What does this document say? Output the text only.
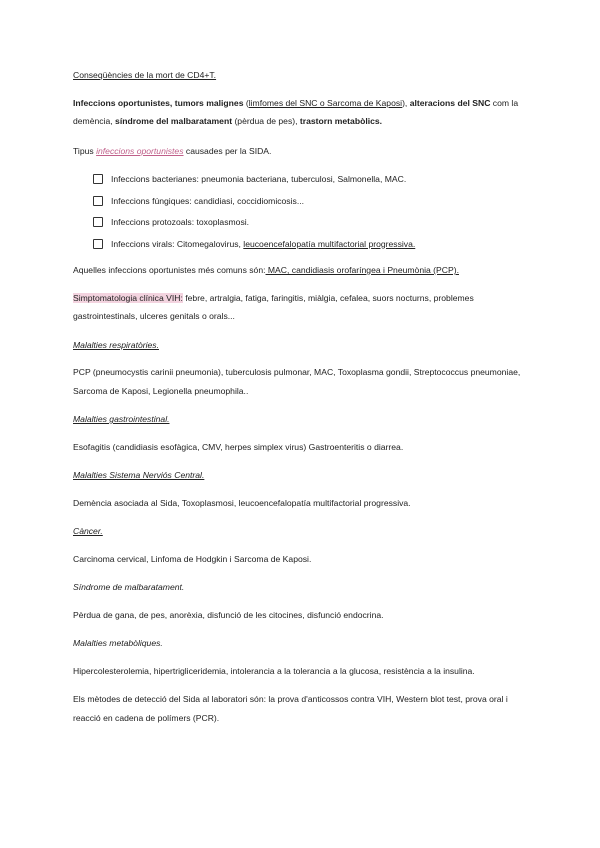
Conseqüències de la mort de CD4+T.

Infeccions oportunistes, tumors malignes (limfomes del SNC o Sarcoma de Kaposi), alteracions del SNC com la demència, síndrome del malbaratament (pèrdua de pes), trastorn metabòlics.

Tipus infeccions oportunistes causades per la SIDA.

Infeccions bacterianes: pneumonia bacteriana, tuberculosi, Salmonella, MAC.
Infeccions fúngiques: candidiasi, coccidiomicosis...
Infeccions protozoals: toxoplasmosi.
Infeccions virals: Citomegalovirus, leucoencefalopatía multifactorial progressiva.

Aquelles infeccions oportunistes més comuns són: MAC, candidiasis orofaríngea i Pneumònia (PCP).

Simptomatologia clínica VIH: febre, artralgia, fatiga, faringitis, miàlgia, cefalea, suors nocturns, problemes gastrointestinals, ulceres genitals o orals...

Malalties respiratòries.

PCP (pneumocystis carinii pneumonia), tuberculosis pulmonar, MAC, Toxoplasma gondii, Streptococcus pneumoniae, Sarcoma de Kaposi, Legionella pneumophila..

Malalties gastrointestinal.

Esofagitis (candidiasis esofàgica, CMV, herpes simplex virus) Gastroenteritis o diarrea.

Malalties Sistema Nerviós Central.

Demència asociada al Sida, Toxoplasmosi, leucoencefalopatía multifactorial progressiva.

Càncer.

Carcinoma cervical, Linfoma de Hodgkin i Sarcoma de Kaposi.

Síndrome de malbaratament.

Pèrdua de gana, de pes, anorèxia, disfunció de les citocines, disfunció endocrina.

Malalties metabòliques.

Hipercolesterolemia, hipertrigliceridemia, intolerancia a la tolerancia a la glucosa, resistència a la insulina.

Els mètodes de detecció del Sida al laboratori són: la prova d'anticossos contra VIH, Western blot test, prova oral i reacció en cadena de polímers (PCR).
